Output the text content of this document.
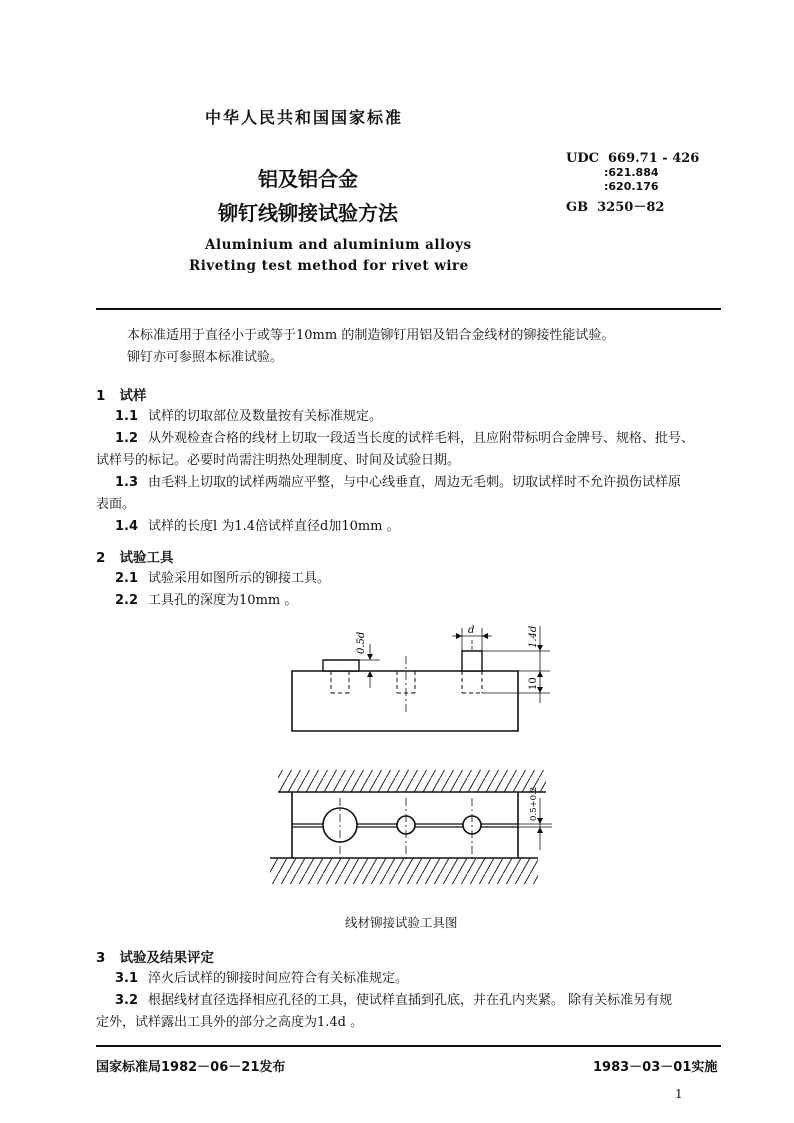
中华人民共和国国家标准
铝及铝合金
铆钉线铆接试验方法
Aluminium and aluminium alloys
Riveting test method for rivet wire
UDC  669.71 - 426
:621.884
:620.176
GB  3250－82
本标准适用于直径小于或等于10mm 的制造铆钉用铝及铝合金线材的铆接性能试验。
铆钉亦可参照本标准试验。
1 试样
1.1 试样的切取部位及数量按有关标准规定。
1.2 从外观检查合格的线材上切取一段适当长度的试样毛料，且应附带标明合金牌号、规格、批号、
试样号的标记。必要时尚需注明热处理制度、时间及试验日期。
1.3 由毛料上切取的试样两端应平整，与中心线垂直，周边无毛刺。切取试样时不允许损伤试样原
表面。
1.4 试样的长度l 为1.4倍试样直径d加10mm 。
2 试验工具
2.1 试验采用如图所示的铆接工具。
2.2 工具孔的深度为10mm 。
0.5d
d	1.4d
10
0.5+0.2
线材铆接试验工具图
3 试验及结果评定
3.1 淬火后试样的铆接时间应符合有关标准规定。
3.2 根据线材直径选择相应孔径的工具，使试样直插到孔底，并在孔内夹紧。 除有关标准另有规
定外，试样露出工具外的部分之高度为1.4d 。
国家标准局1982－06－21发布	1983－03－01实施
1
